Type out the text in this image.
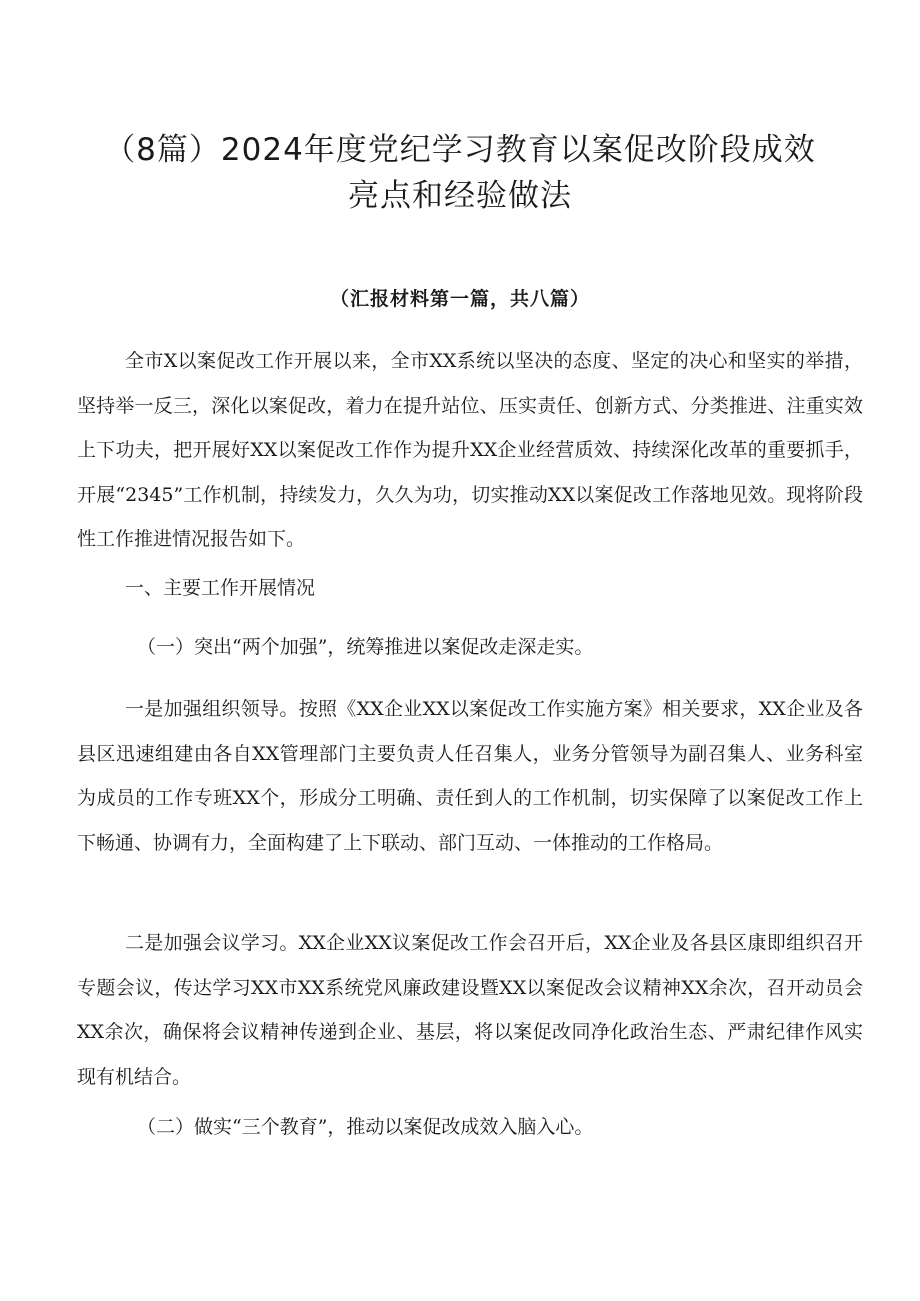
（8篇）2024年度党纪学习教育以案促改阶段成效
亮点和经验做法
（汇报材料第一篇，共八篇）
全市X以案促改工作开展以来，全市XX系统以坚决的态度、坚定的决心和坚实的举措，坚持举一反三，深化以案促改，着力在提升站位、压实责任、创新方式、分类推进、注重实效上下功夫，把开展好XX以案促改工作作为提升XX企业经营质效、持续深化改革的重要抓手，开展“2345”工作机制，持续发力，久久为功，切实推动XX以案促改工作落地见效。现将阶段性工作推进情况报告如下。
一、主要工作开展情况
（一）突出“两个加强”，统筹推进以案促改走深走实。
一是加强组织领导。按照《XX企业XX以案促改工作实施方案》相关要求，XX企业及各县区迅速组建由各自XX管理部门主要负责人任召集人，业务分管领导为副召集人、业务科室为成员的工作专班XX个，形成分工明确、责任到人的工作机制，切实保障了以案促改工作上下畅通、协调有力，全面构建了上下联动、部门互动、一体推动的工作格局。
二是加强会议学习。XX企业XX议案促改工作会召开后，XX企业及各县区康即组织召开专题会议，传达学习XX市XX系统党风廉政建设暨XX以案促改会议精神XX余次，召开动员会XX余次，确保将会议精神传递到企业、基层，将以案促改同净化政治生态、严肃纪律作风实现有机结合。
（二）做实“三个教育”，推动以案促改成效入脑入心。
